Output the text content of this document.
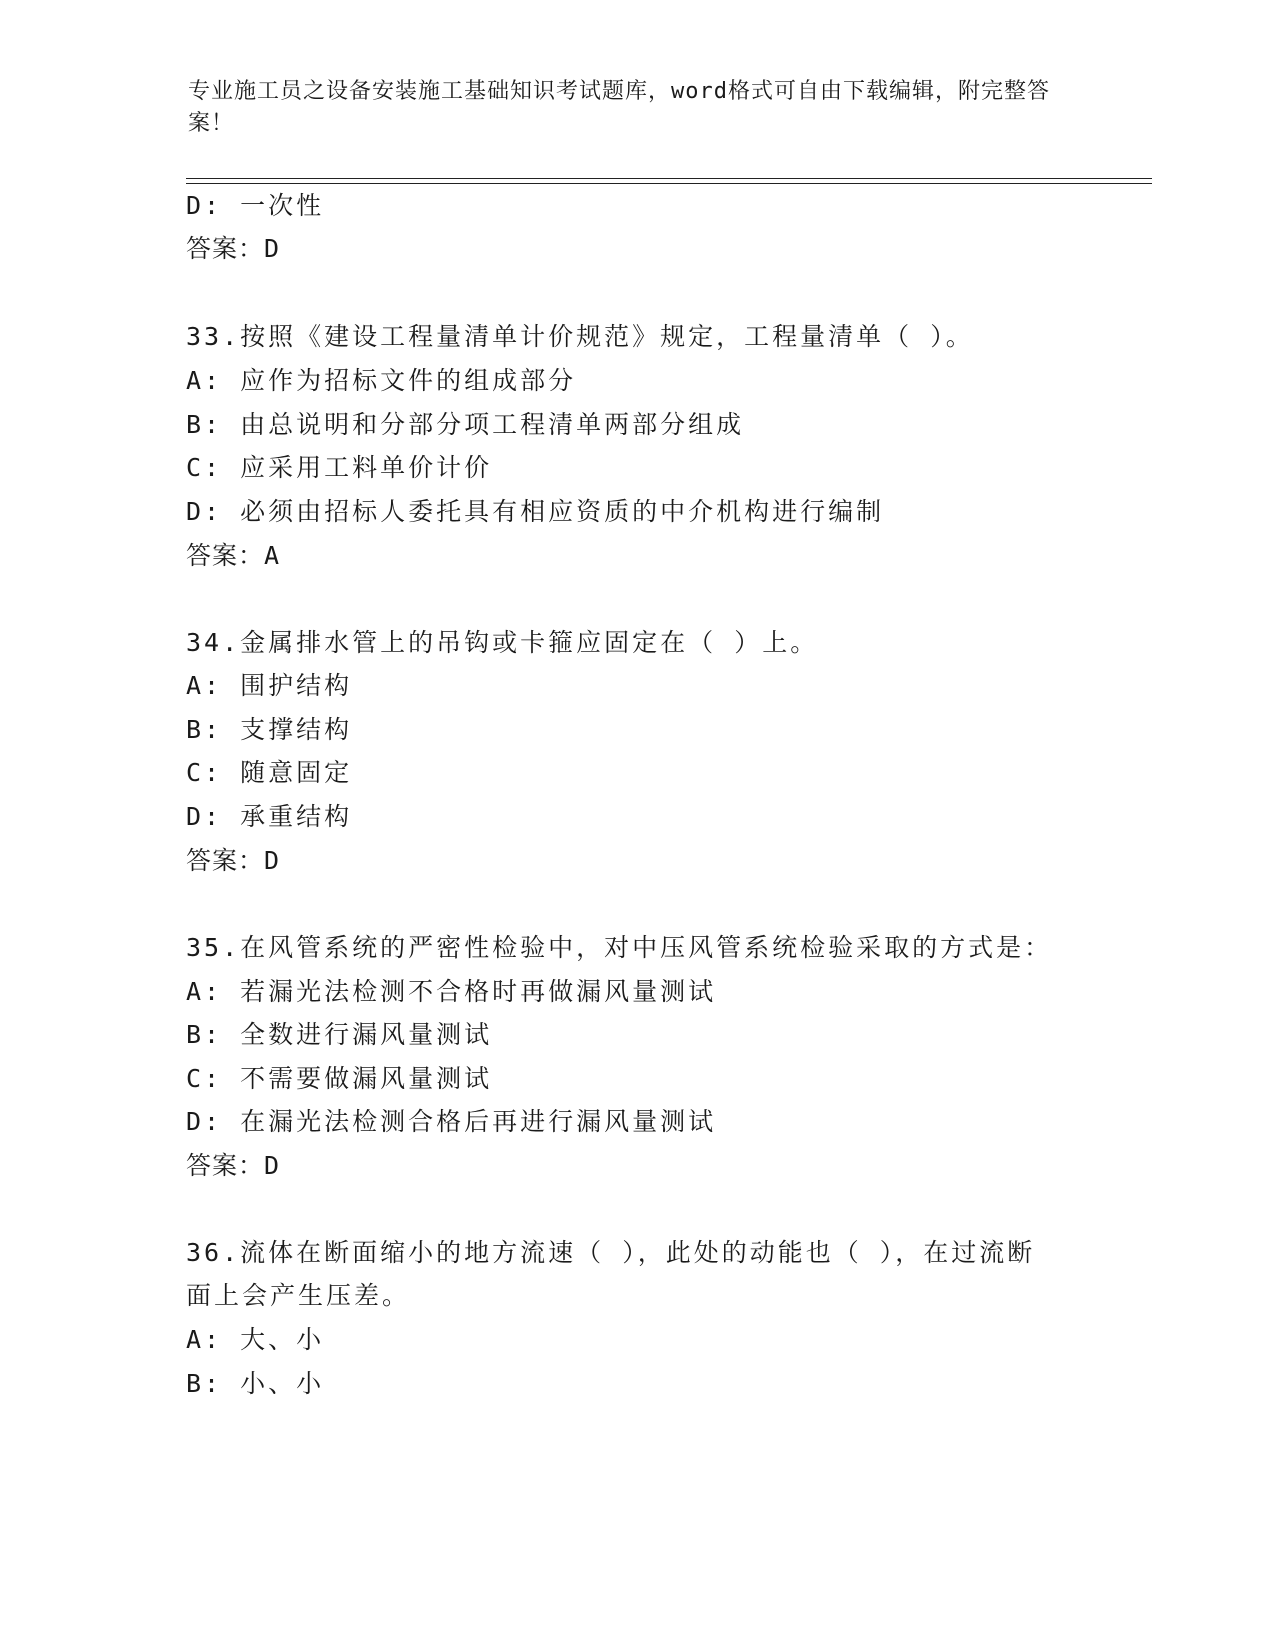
专业施工员之设备安装施工基础知识考试题库，word格式可自由下载编辑，附完整答案！
D: 一次性
答案：D
33.按照《建设工程量清单计价规范》规定，工程量清单（ ）。
A: 应作为招标文件的组成部分
B: 由总说明和分部分项工程清单两部分组成
C: 应采用工料单价计价
D: 必须由招标人委托具有相应资质的中介机构进行编制
答案：A
34.金属排水管上的吊钩或卡箍应固定在（ ）上。
A: 围护结构
B: 支撑结构
C: 随意固定
D: 承重结构
答案：D
35.在风管系统的严密性检验中，对中压风管系统检验采取的方式是：
A: 若漏光法检测不合格时再做漏风量测试
B: 全数进行漏风量测试
C: 不需要做漏风量测试
D: 在漏光法检测合格后再进行漏风量测试
答案：D
36.流体在断面缩小的地方流速（ ），此处的动能也（ ），在过流断
面上会产生压差。
A: 大、小
B: 小、小
